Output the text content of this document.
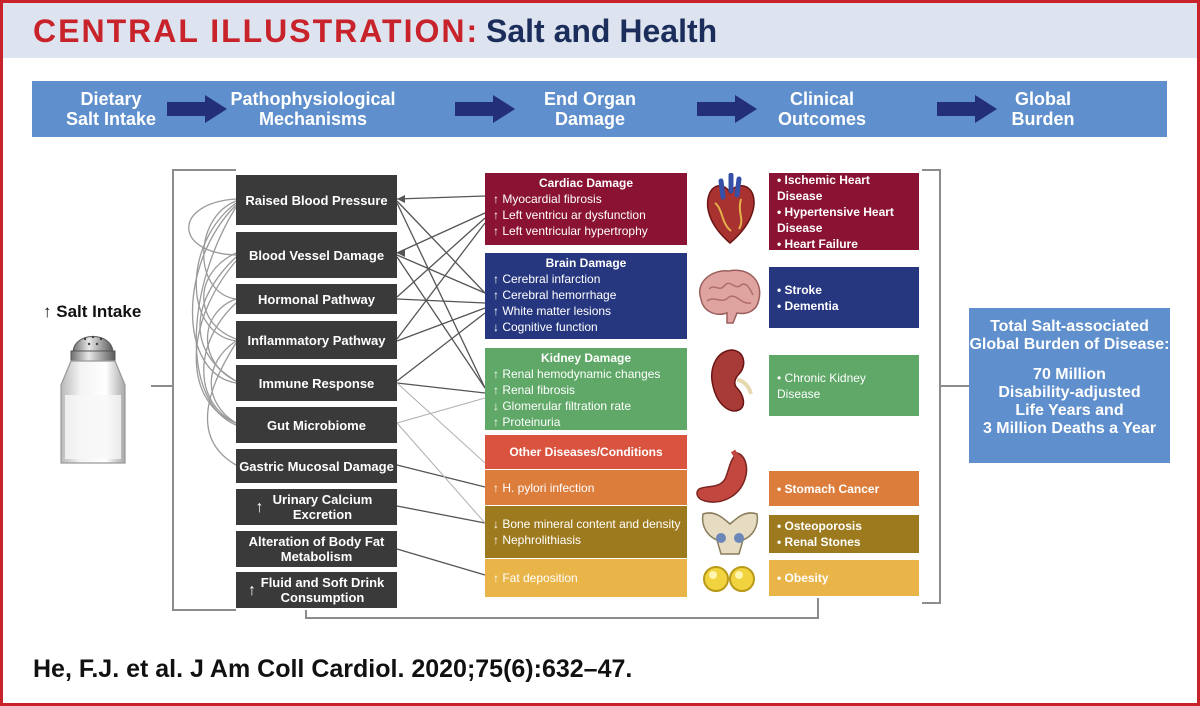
CENTRAL ILLUSTRATION: Salt and Health
Dietary
Salt Intake
Pathophysiological
Mechanisms
End Organ
Damage
Clinical
Outcomes
Global
Burden
↑ Salt Intake
Raised Blood Pressure
Blood Vessel Damage
Hormonal Pathway
Inflammatory Pathway
Immune Response
Gut Microbiome
Gastric Mucosal Damage
↑ Urinary Calcium Excretion
Alteration of Body Fat Metabolism
↑ Fluid and Soft Drink Consumption
Cardiac Damage
↑ Myocardial fibrosis
↑ Left ventricu ar dysfunction
↑ Left ventricular hypertrophy
Brain Damage
↑ Cerebral infarction
↑ Cerebral hemorrhage
↑ White matter lesions
↓ Cognitive function
Kidney Damage
↑ Renal hemodynamic changes
↑ Renal fibrosis
↓ Glomerular filtration rate
↑ Proteinuria
Other Diseases/Conditions
↑
H. pylori infection
↓ Bone mineral content and density
↑ Nephrolithiasis
↑ Fat deposition
• Ischemic Heart Disease
• Hypertensive Heart Disease
• Heart Failure
• Stroke
• Dementia
• Chronic Kidney Disease
• Stomach Cancer
• Osteoporosis
• Renal Stones
• Obesity
Total Salt-associated
Global Burden of Disease:
70 Million
Disability-adjusted
Life Years and
3 Million Deaths a Year
He, F.J. et al. J Am Coll Cardiol. 2020;75(6):632–47.
